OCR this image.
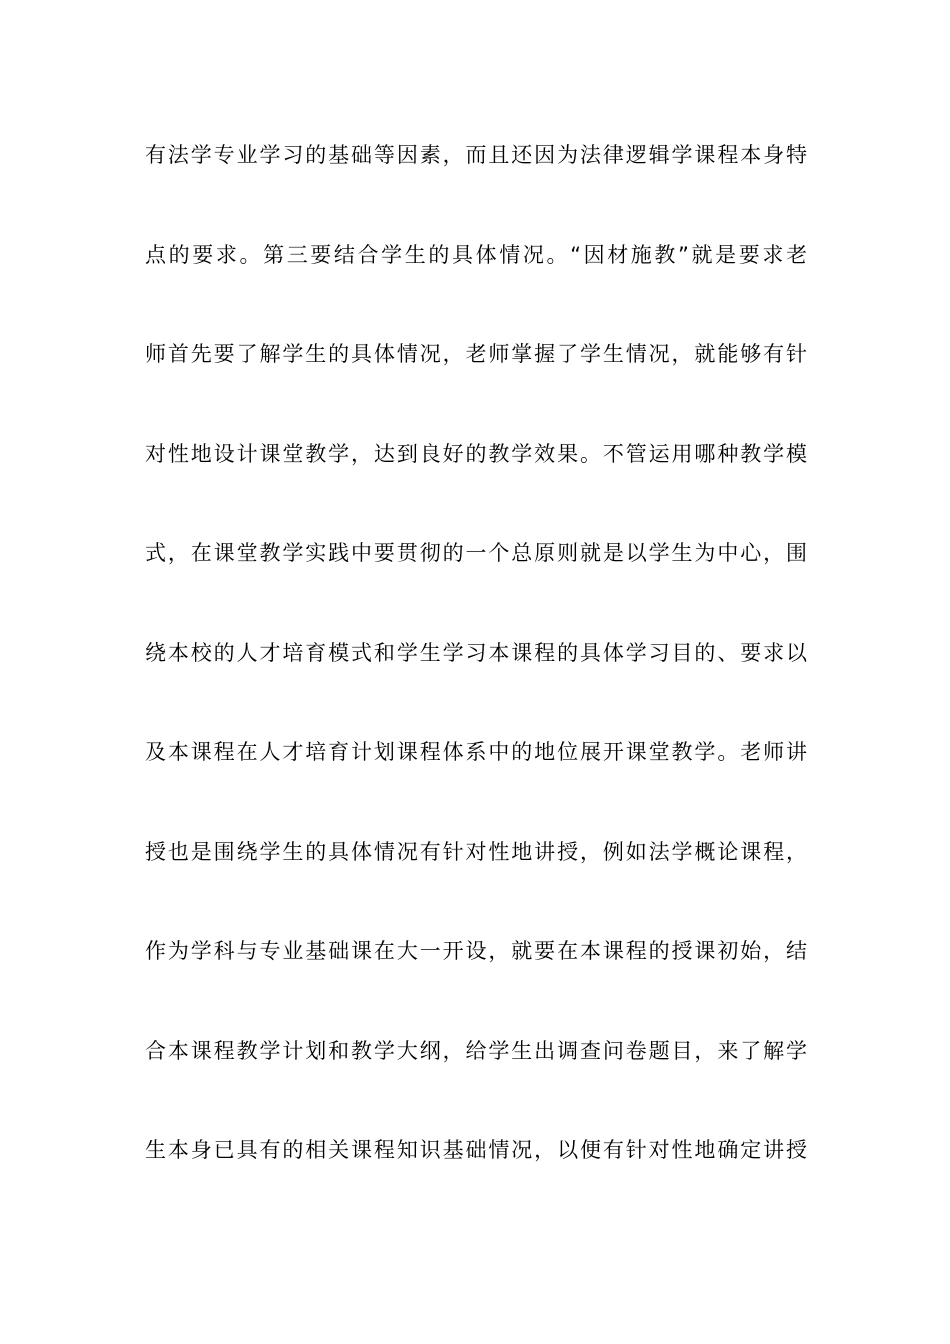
有法学专业学习的基础等因素，而且还因为法律逻辑学课程本身特
点的要求。第三要结合学生的具体情况。“因材施教”就是要求老
师首先要了解学生的具体情况，老师掌握了学生情况，就能够有针
对性地设计课堂教学，达到良好的教学效果。不管运用哪种教学模
式，在课堂教学实践中要贯彻的一个总原则就是以学生为中心，围
绕本校的人才培育模式和学生学习本课程的具体学习目的、要求以
及本课程在人才培育计划课程体系中的地位展开课堂教学。老师讲
授也是围绕学生的具体情况有针对性地讲授，例如法学概论课程，
作为学科与专业基础课在大一开设，就要在本课程的授课初始，结
合本课程教学计划和教学大纲，给学生出调查问卷题目，来了解学
生本身已具有的相关课程知识基础情况，以便有针对性地确定讲授
